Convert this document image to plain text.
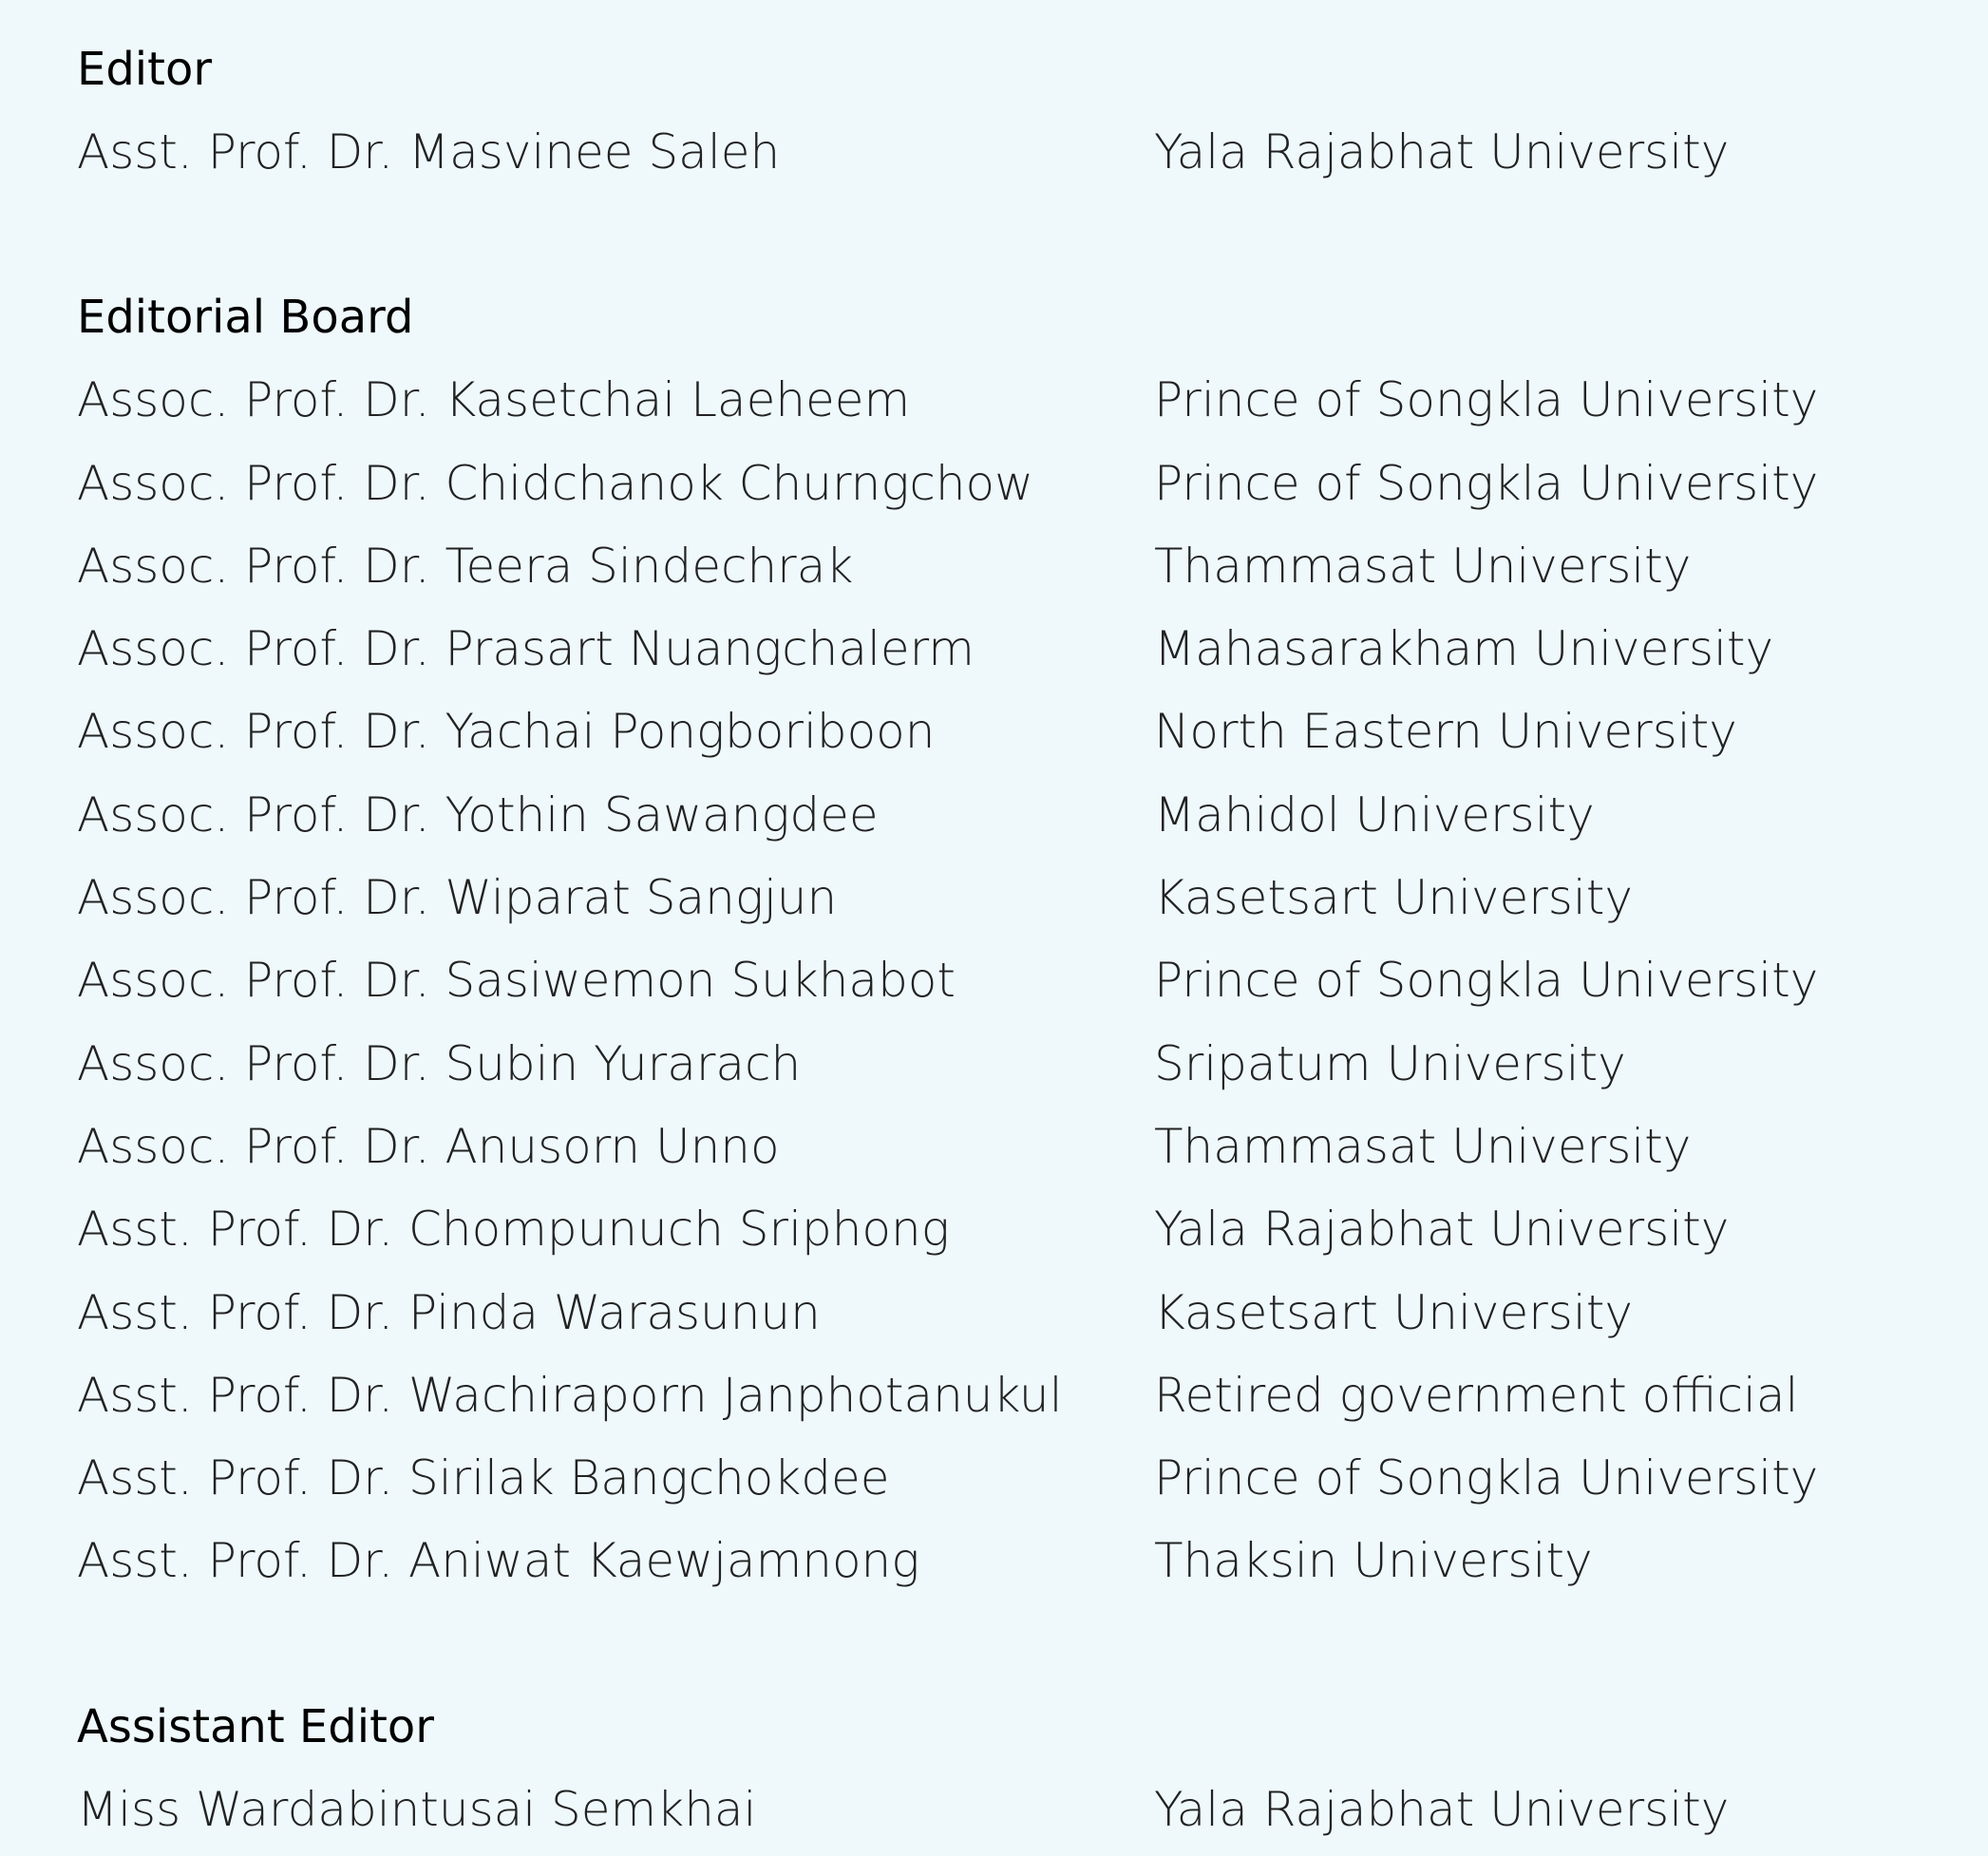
Editor
Asst. Prof. Dr. Masvinee Saleh	Yala Rajabhat University
Editorial Board
Assoc. Prof. Dr. Kasetchai Laeheem	Prince of Songkla University
Assoc. Prof. Dr. Chidchanok Churngchow	Prince of Songkla University
Assoc. Prof. Dr. Teera Sindechrak	Thammasat University
Assoc. Prof. Dr. Prasart Nuangchalerm	Mahasarakham University
Assoc. Prof. Dr. Yachai Pongboriboon	North Eastern University
Assoc. Prof. Dr. Yothin Sawangdee	Mahidol University
Assoc. Prof. Dr. Wiparat Sangjun	Kasetsart University
Assoc. Prof. Dr. Sasiwemon Sukhabot	Prince of Songkla University
Assoc. Prof. Dr. Subin Yurarach	Sripatum University
Assoc. Prof. Dr. Anusorn Unno	Thammasat University
Asst. Prof. Dr. Chompunuch Sriphong	Yala Rajabhat University
Asst. Prof. Dr. Pinda Warasunun	Kasetsart University
Asst. Prof. Dr. Wachiraporn Janphotanukul	Retired government official
Asst. Prof. Dr. Sirilak Bangchokdee	Prince of Songkla University
Asst. Prof. Dr. Aniwat Kaewjamnong	Thaksin University
Assistant Editor
Miss Wardabintusai Semkhai	Yala Rajabhat University
